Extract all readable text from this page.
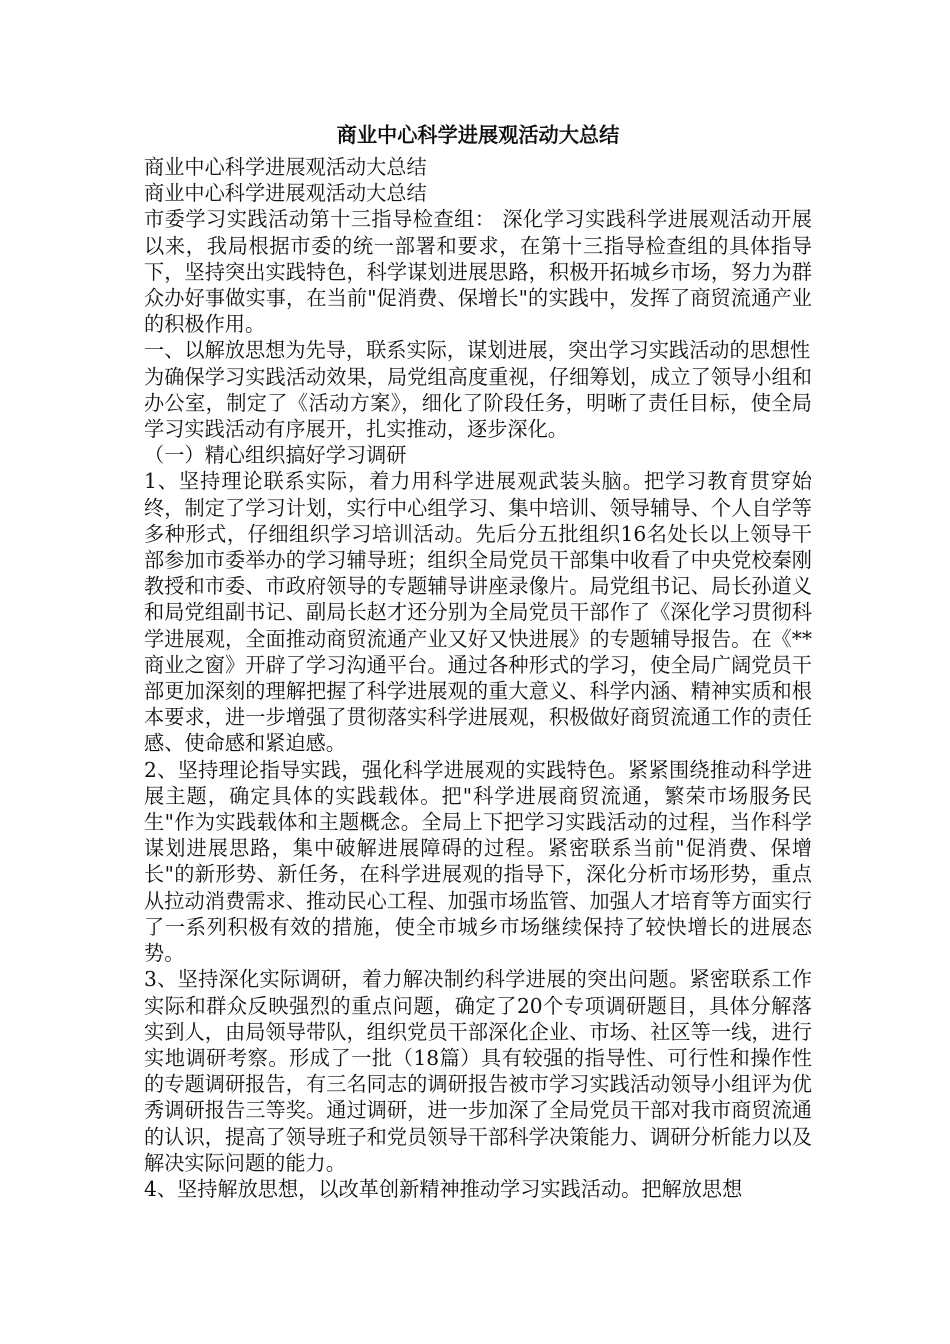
商业中心科学进展观活动大总结

商业中心科学进展观活动大总结

商业中心科学进展观活动大总结

市委学习实践活动第十三指导检查组： 深化学习实践科学进展观活动开展以来，我局根据市委的统一部署和要求，在第十三指导检查组的具体指导下，坚持突出实践特色，科学谋划进展思路，积极开拓城乡市场，努力为群众办好事做实事，在当前"促消费、保增长"的实践中，发挥了商贸流通产业的积极作用。

一、以解放思想为先导，联系实际，谋划进展，突出学习实践活动的思想性

为确保学习实践活动效果，局党组高度重视，仔细筹划，成立了领导小组和办公室，制定了《活动方案》，细化了阶段任务，明晰了责任目标，使全局学习实践活动有序展开，扎实推动，逐步深化。

（一）精心组织搞好学习调研

1、坚持理论联系实际，着力用科学进展观武装头脑。把学习教育贯穿始终，制定了学习计划，实行中心组学习、集中培训、领导辅导、个人自学等多种形式，仔细组织学习培训活动。先后分五批组织16名处长以上领导干部参加市委举办的学习辅导班；组织全局党员干部集中收看了中央党校秦刚教授和市委、市政府领导的专题辅导讲座录像片。局党组书记、局长孙道义和局党组副书记、副局长赵才还分别为全局党员干部作了《深化学习贯彻科学进展观，全面推动商贸流通产业又好又快进展》的专题辅导报告。在《**商业之窗》开辟了学习沟通平台。通过各种形式的学习，使全局广阔党员干部更加深刻的理解把握了科学进展观的重大意义、科学内涵、精神实质和根本要求，进一步增强了贯彻落实科学进展观，积极做好商贸流通工作的责任感、使命感和紧迫感。

2、坚持理论指导实践，强化科学进展观的实践特色。紧紧围绕推动科学进展主题，确定具体的实践载体。把"科学进展商贸流通，繁荣市场服务民生"作为实践载体和主题概念。全局上下把学习实践活动的过程，当作科学谋划进展思路，集中破解进展障碍的过程。紧密联系当前"促消费、保增长"的新形势、新任务，在科学进展观的指导下，深化分析市场形势，重点从拉动消费需求、推动民心工程、加强市场监管、加强人才培育等方面实行了一系列积极有效的措施，使全市城乡市场继续保持了较快增长的进展态势。

3、坚持深化实际调研，着力解决制约科学进展的突出问题。紧密联系工作实际和群众反映强烈的重点问题，确定了20个专项调研题目，具体分解落实到人，由局领导带队，组织党员干部深化企业、市场、社区等一线，进行实地调研考察。形成了一批（18篇）具有较强的指导性、可行性和操作性的专题调研报告，有三名同志的调研报告被市学习实践活动领导小组评为优秀调研报告三等奖。通过调研，进一步加深了全局党员干部对我市商贸流通的认识，提高了领导班子和党员领导干部科学决策能力、调研分析能力以及解决实际问题的能力。

4、坚持解放思想，以改革创新精神推动学习实践活动。把解放思想
